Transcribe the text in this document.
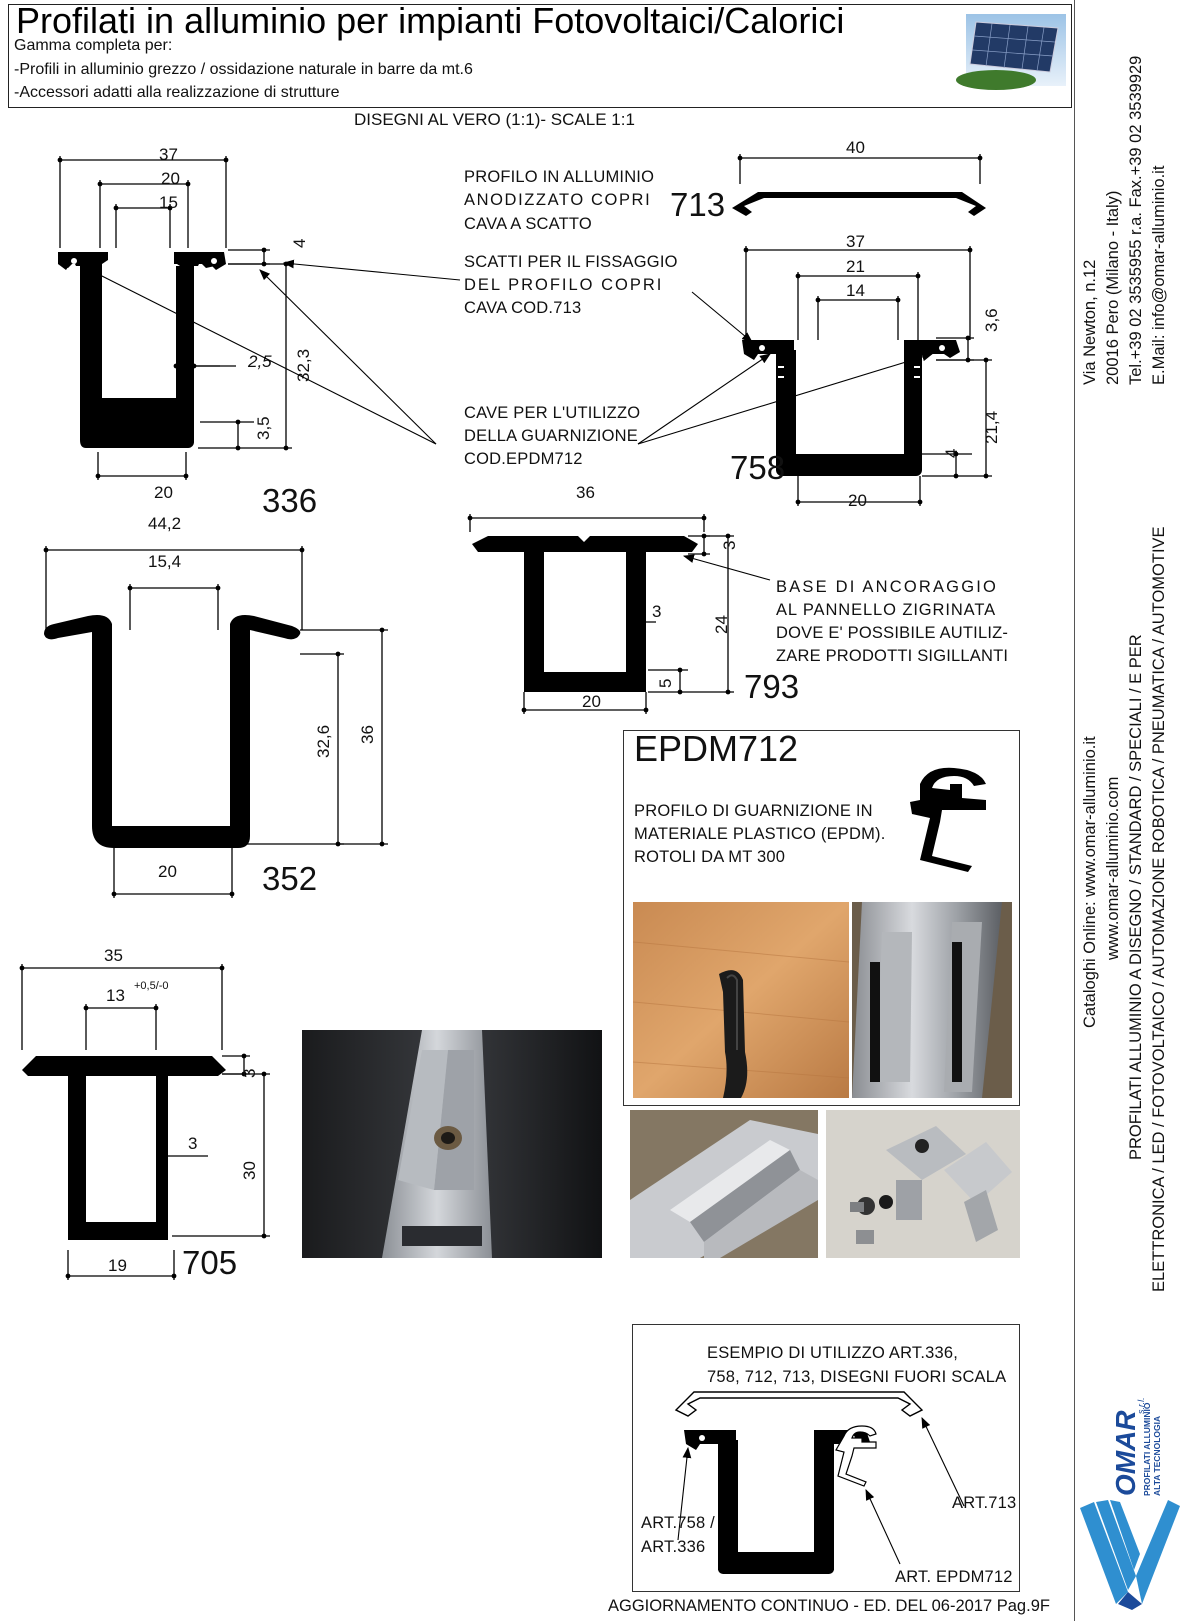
Profilati in alluminio per impianti Fotovoltaici/Calorici
Gamma completa per:
-Profili in alluminio grezzo / ossidazione naturale in barre da mt.6
-Accessori adatti alla realizzazione di strutture
DISEGNI AL VERO (1:1)- SCALE 1:1
37
20
15
4
2,5 32,3
3,5
20	336
PROFILO IN ALLUMINIO
ANODIZZATO COPRI
CAVA A SCATTO
713
40
SCATTI PER IL FISSAGGIO
DEL PROFILO COPRI
CAVA COD.713
CAVE PER L'UTILIZZO
DELLA GUARNIZIONE
COD.EPDM712
37
21
14
3,6
21,4
4
20
758
44,2
15,4
32,6 36
20	352
36
3
3
24
5
20	793
BASE DI ANCORAGGIO
AL PANNELLO ZIGRINATA
DOVE E' POSSIBILE AUTILIZ-
ZARE PRODOTTI SIGILLANTI
EPDM712
PROFILO DI GUARNIZIONE IN
MATERIALE PLASTICO (EPDM).
ROTOLI DA MT 300
35
13 +0,5/-0
3
3
30
19 705
ESEMPIO DI UTILIZZO ART.336,
758, 712, 713, DISEGNI FUORI SCALA
ART.758 /
ART.336
ART.713
ART. EPDM712
AGGIORNAMENTO CONTINUO - ED. DEL 06-2017 Pag.9F
Via Newton, n.12 20016 Pero (Milano - Italy) Tel.+39 02 3535955 r.a. Fax.+39 02 3539929 E.Mail: info@omar-alluminio.it
Cataloghi Online: www.omar-alluminio.it www.omar-alluminio.com PROFILATI ALLUMINIO A DISEGNO / STANDARD / SPECIALI / E PER ELETTRONICA / LED / FOTOVOLTAICO / AUTOMAZIONE ROBOTICA / PNEUMATICA / AUTOMOTIVE
OMAR
s.r.l.
PROFILATI ALLUMINIO ALTA TECNOLOGIA
